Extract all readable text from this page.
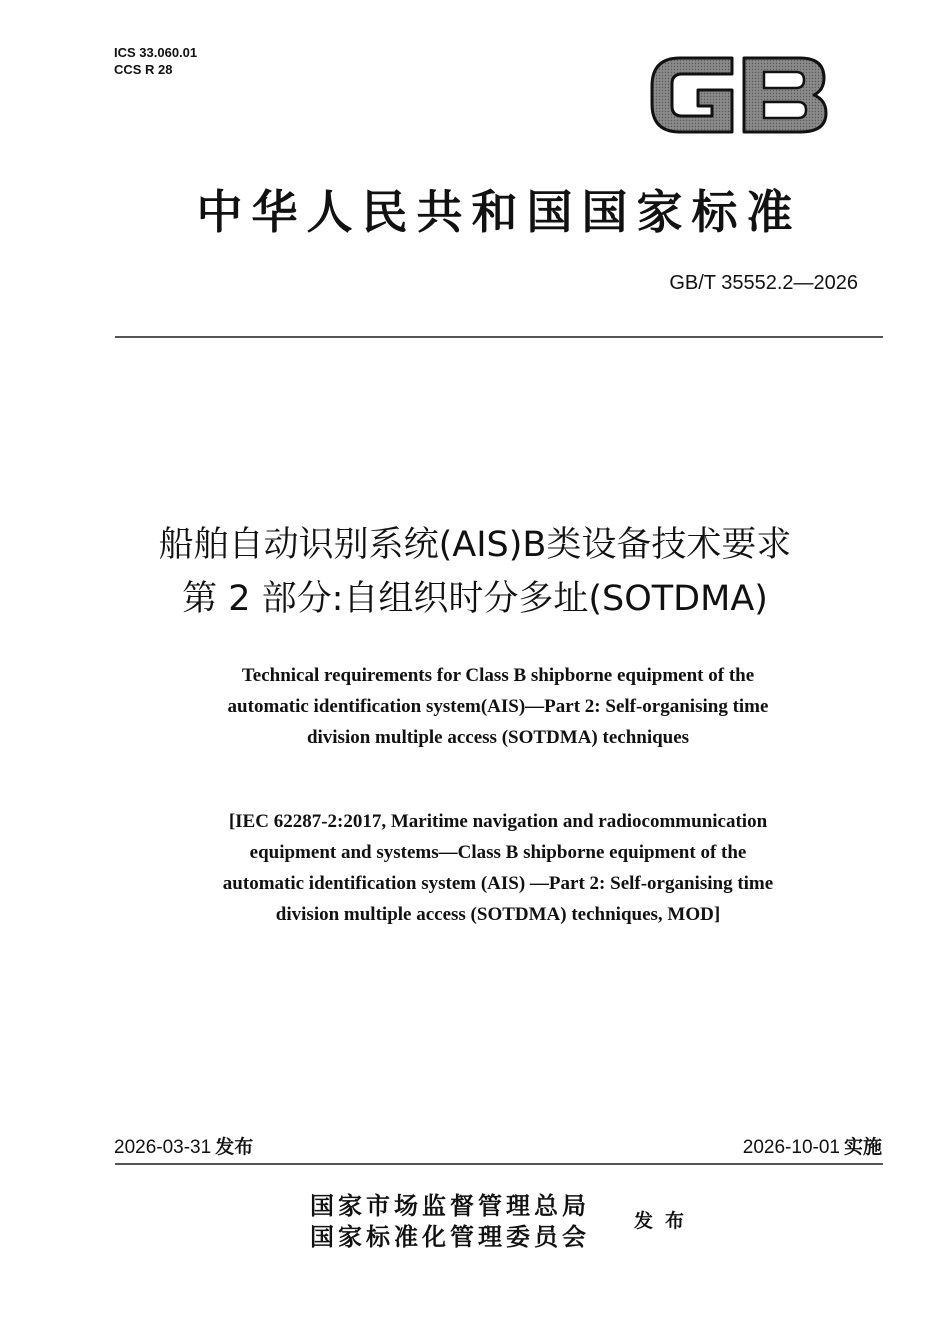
ICS 33.060.01
CCS R 28
中华人民共和国国家标准
GB/T 35552.2—2026
船舶自动识别系统(AIS)B类设备技术要求
第 2 部分:自组织时分多址(SOTDMA)
Technical requirements for Class B shipborne equipment of the
automatic identification system(AIS)—Part 2: Self-organising time
division multiple access (SOTDMA) techniques
[IEC 62287-2:2017, Maritime navigation and radiocommunication
equipment and systems—Class B shipborne equipment of the
automatic identification system (AIS) —Part 2: Self-organising time
division multiple access (SOTDMA) techniques, MOD]
2026-03-31 发布	2026-10-01 实施
国家市场监督管理总局
国家标准化管理委员会
发布
